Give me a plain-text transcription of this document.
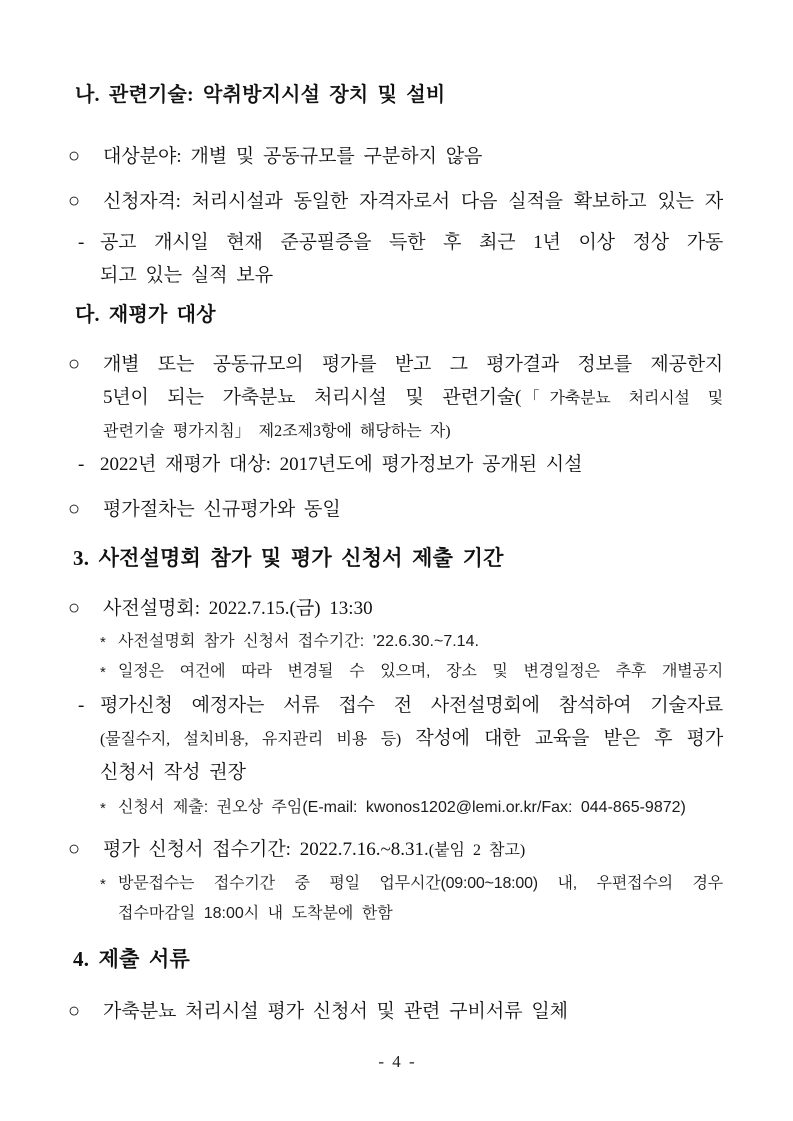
나. 관련기술: 악취방지시설 장치 및 설비
○ 대상분야: 개별 및 공동규모를 구분하지 않음
○ 신청자격: 처리시설과 동일한 자격자로서 다음 실적을 확보하고 있는 자
- 공고 개시일 현재 준공필증을 득한 후 최근 1년 이상 정상 가동
되고 있는 실적 보유
다. 재평가 대상
○ 개별 또는 공동규모의 평가를 받고 그 평가결과 정보를 제공한지
5년이 되는 가축분뇨 처리시설 및 관련기술(「가축분뇨 처리시설 및
관련기술 평가지침」 제2조제3항에 해당하는 자)
- 2022년 재평가 대상: 2017년도에 평가정보가 공개된 시설
○ 평가절차는 신규평가와 동일
3. 사전설명회 참가 및 평가 신청서 제출 기간
○ 사전설명회: 2022.7.15.(금) 13:30
* 사전설명회 참가 신청서 접수기간: ’22.6.30.~7.14.
* 일정은 여건에 따라 변경될 수 있으며, 장소 및 변경일정은 추후 개별공지
- 평가신청 예정자는 서류 접수 전 사전설명회에 참석하여 기술자료
(물질수지, 설치비용, 유지관리 비용 등) 작성에 대한 교육을 받은 후 평가
신청서 작성 권장
* 신청서 제출: 권오상 주임(E-mail: kwonos1202@lemi.or.kr/Fax: 044-865-9872)
○ 평가 신청서 접수기간: 2022.7.16.~8.31.(붙임 2 참고)
* 방문접수는 접수기간 중 평일 업무시간(09:00~18:00) 내, 우편접수의 경우
접수마감일 18:00시 내 도착분에 한함
4. 제출 서류
○ 가축분뇨 처리시설 평가 신청서 및 관련 구비서류 일체
- 4 -
